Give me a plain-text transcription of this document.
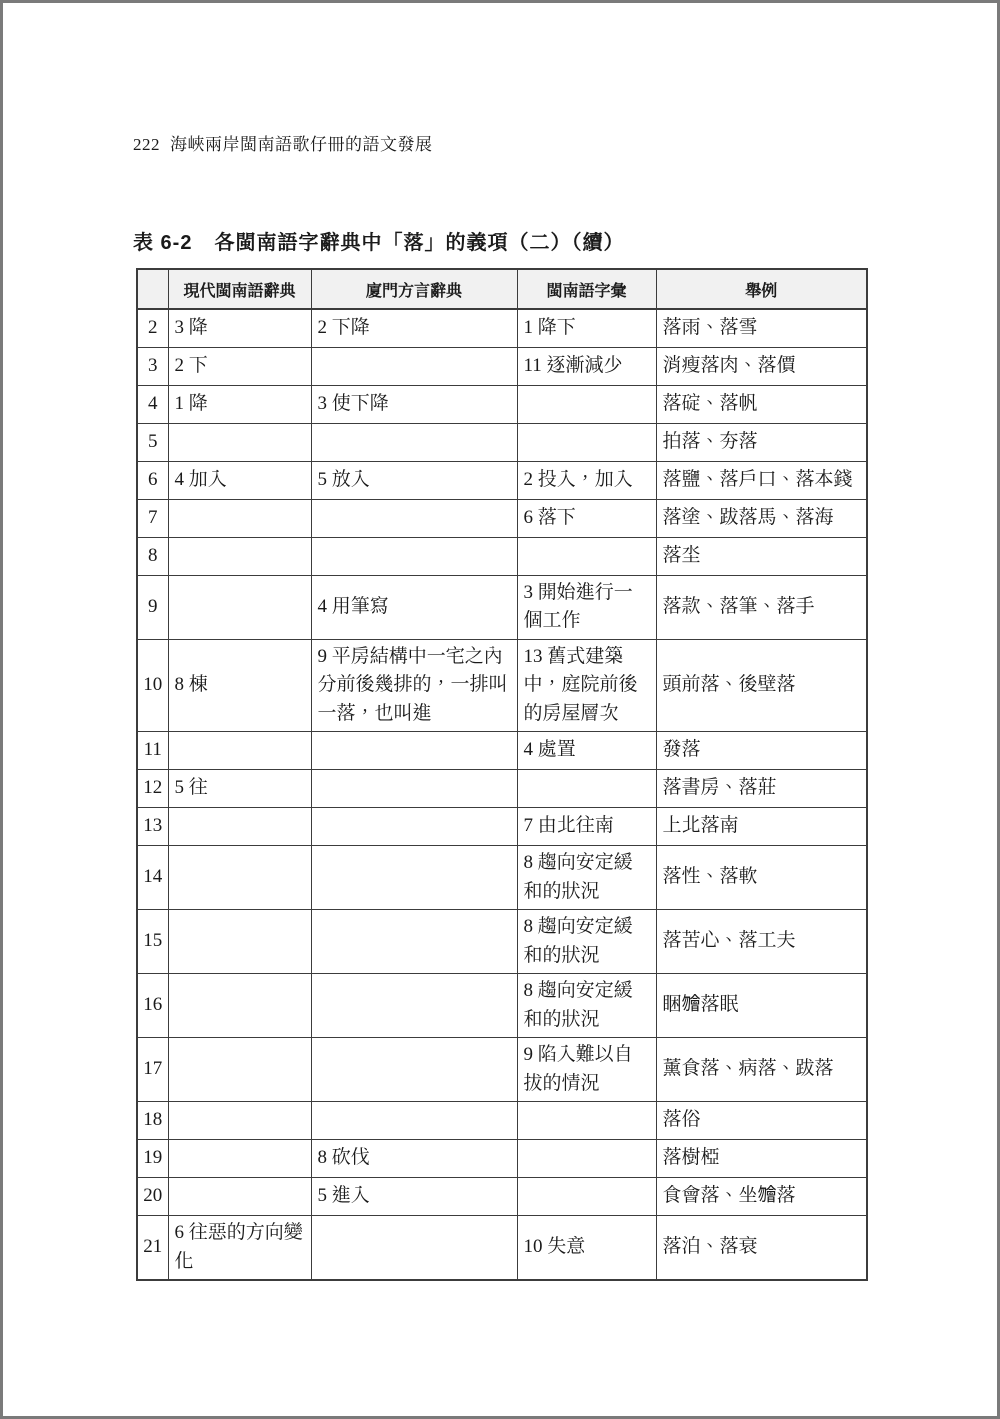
222 海峽兩岸閩南語歌仔冊的語文發展
表 6-2 各閩南語字辭典中「落」的義項（二）（續）
	現代閩南語辭典	廈門方言辭典	閩南語字彙	舉例
2	3 降	2 下降	1 降下	落雨、落雪
3	2 下		11 逐漸減少	消瘦落肉、落價
4	1 降	3 使下降		落碇、落帆
5				拍落、夯落
6	4 加入	5 放入	2 投入，加入	落鹽、落戶口、落本錢
7			6 落下	落塗、跋落馬、落海
8				落坔
9		4 用筆寫	3 開始進行一個工作	落款、落筆、落手
10	8 棟	9 平房結構中一宅之內分前後幾排的，一排叫一落，也叫進	13 舊式建築中，庭院前後的房屋層次	頭前落、後壁落
11			4 處置	發落
12	5 往			落書房、落莊
13			7 由北往南	上北落南
14			8 趨向安定緩和的狀況	落性、落軟
15			8 趨向安定緩和的狀況	落苦心、落工夫
16			8 趨向安定緩和的狀況	睏𣍐落眠
17			9 陷入難以自拔的情況	薰食落、病落、跋落
18				落俗
19		8 砍伐		落樹椏
20		5 進入		食會落、坐𣍐落
21	6 往惡的方向變化		10 失意	落泊、落衰
